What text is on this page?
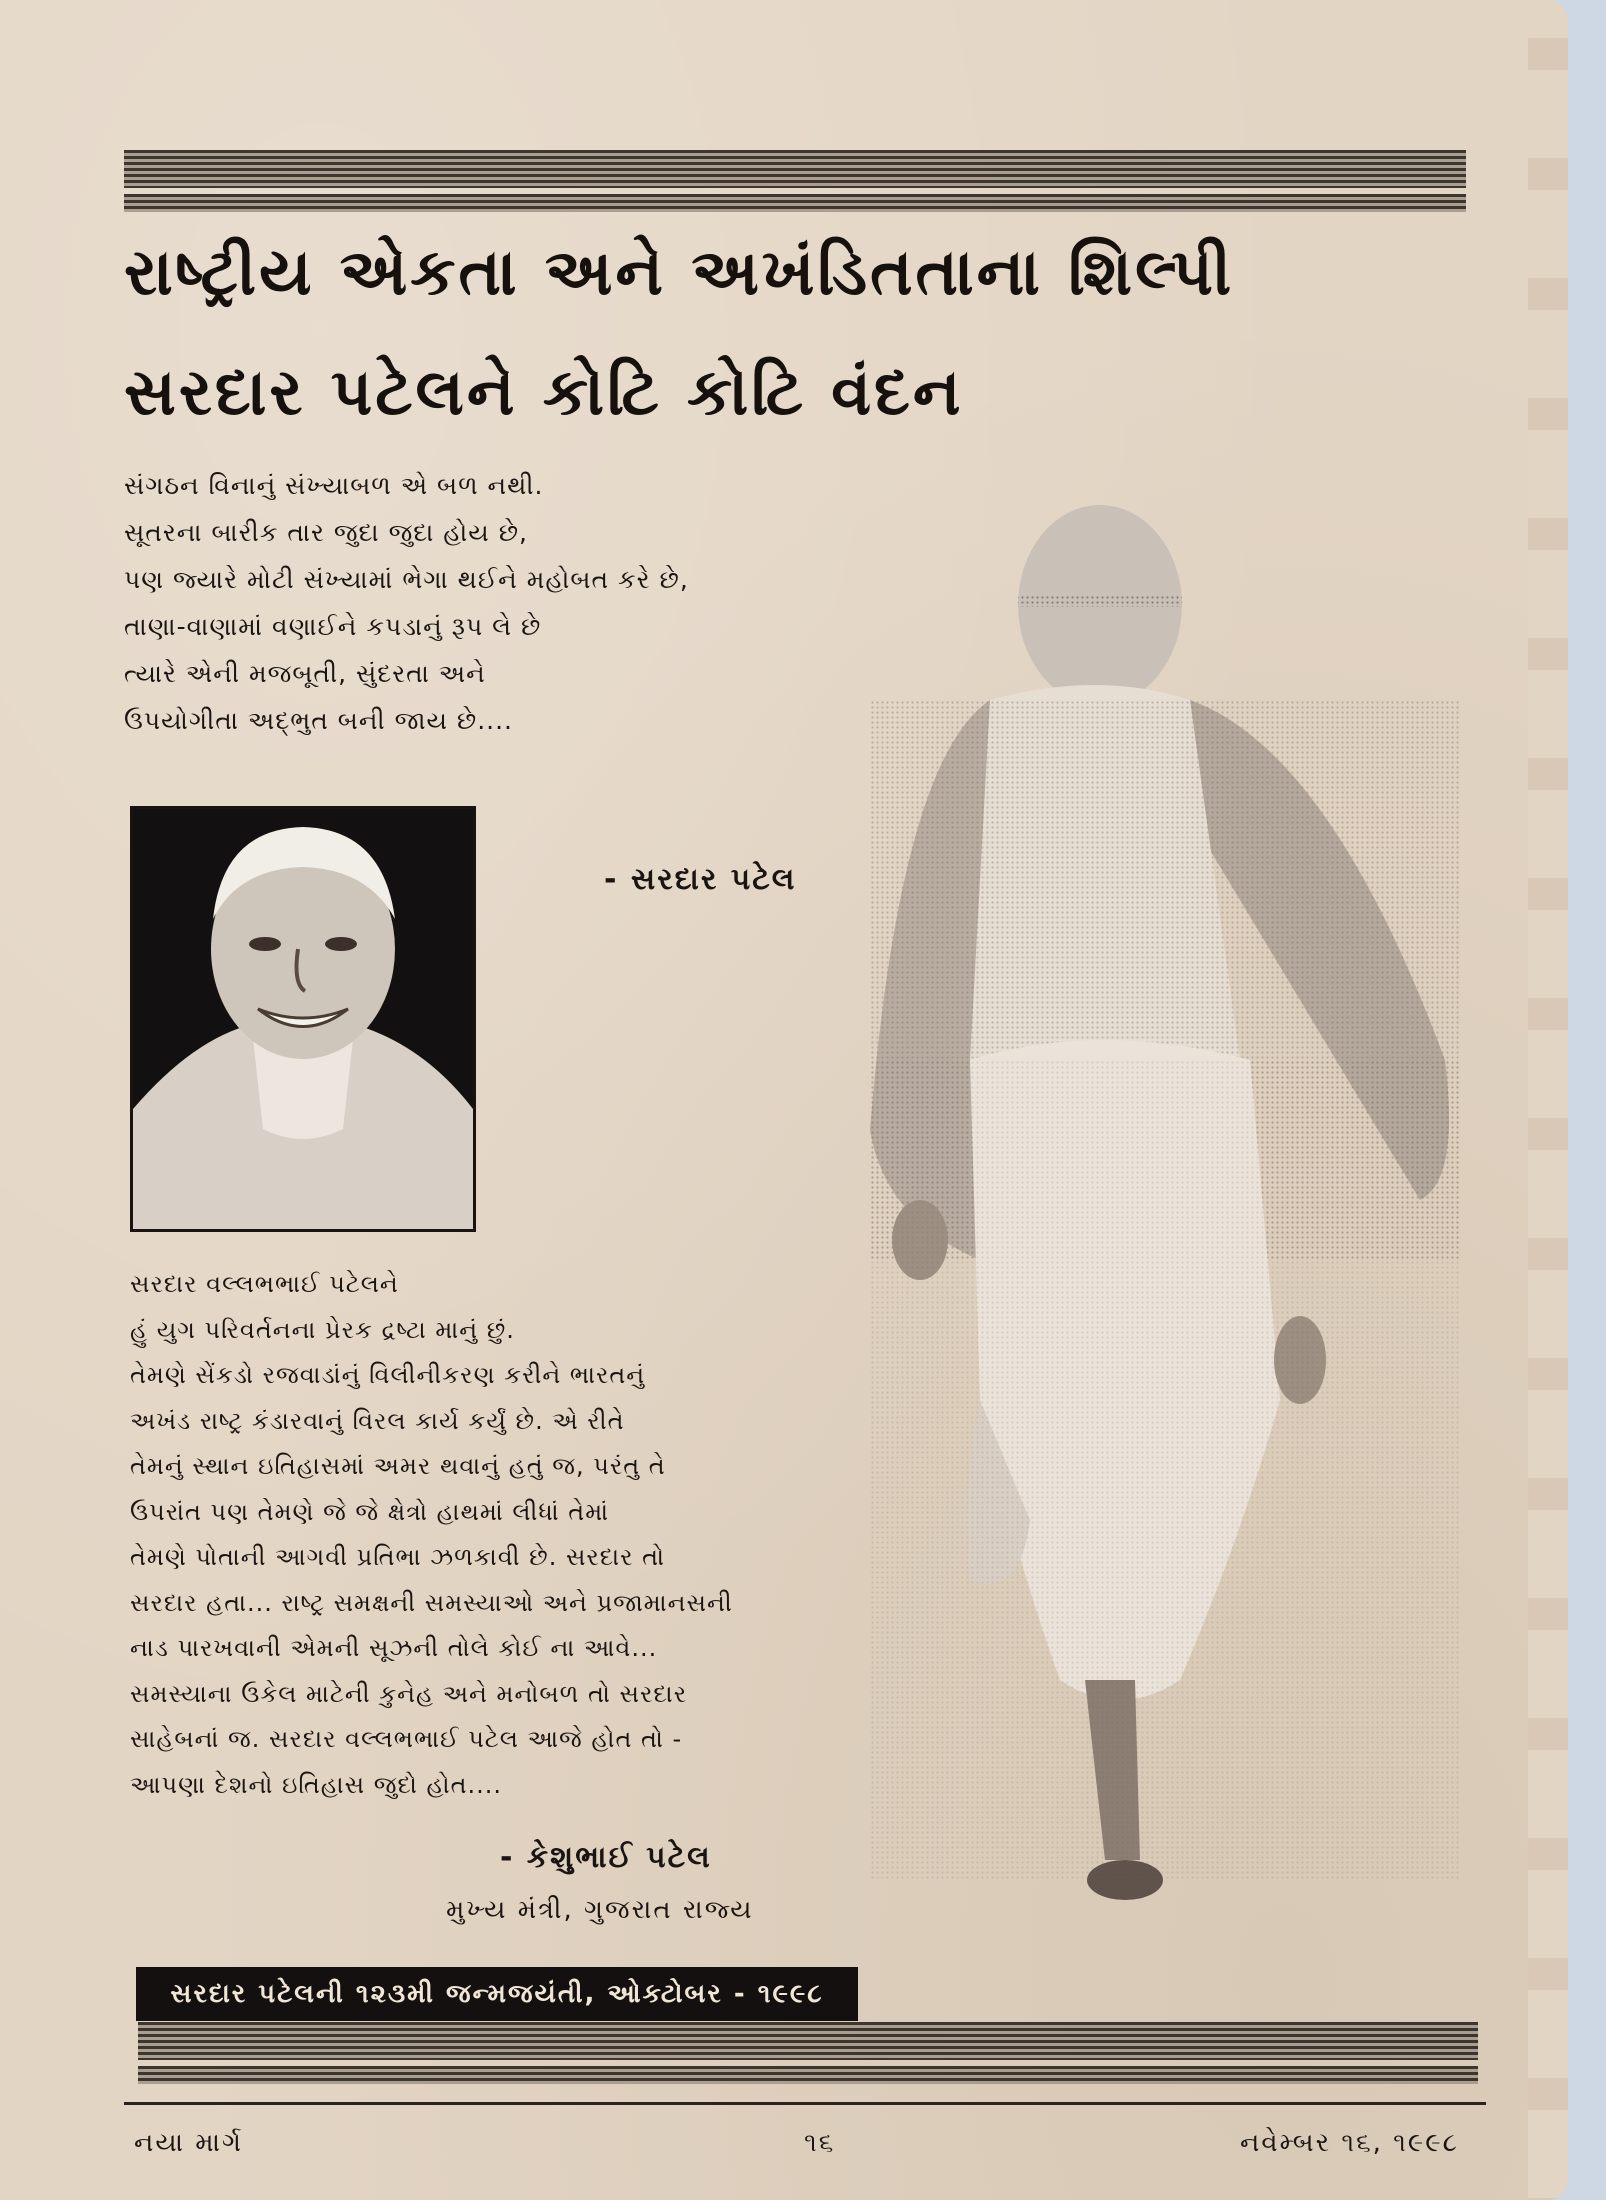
રાષ્ટ્રીય એકતા અને અખંડિતતાના શિલ્પી
સરદાર પટેલને કોટિ કોટિ વંદન
સંગઠન વિનાનું સંખ્યાબળ એ બળ નથી.
સૂતરના બારીક તાર જુદા જુદા હોય છે,
પણ જ્યારે મોટી સંખ્યામાં ભેગા થઈને મહોબત કરે છે,
તાણા-વાણામાં વણાઈને કપડાનું રૂપ લે છે
ત્યારે એની મજબૂતી, સુંદરતા અને
ઉપયોગીતા અદ્ભુત બની જાય છે....
- સરદાર પટેલ
સરદાર વલ્લભભાઈ પટેલને
હું યુગ પરિવર્તનના પ્રેરક દ્રષ્ટા માનું છું.
તેમણે સેંકડો રજવાડાંનું વિલીનીકરણ કરીને ભારતનું
અખંડ રાષ્ટ્ર કંડારવાનું વિરલ કાર્ય કર્યું છે. એ રીતે
તેમનું સ્થાન ઇતિહાસમાં અમર થવાનું હતું જ, પરંતુ તે
ઉપરાંત પણ તેમણે જે જે ક્ષેત્રો હાથમાં લીધાં તેમાં
તેમણે પોતાની આગવી પ્રતિભા ઝળકાવી છે. સરદાર તો
સરદાર હતા... રાષ્ટ્ર સમક્ષની સમસ્યાઓ અને પ્રજામાનસની
નાડ પારખવાની એમની સૂઝની તોલે કોઈ ના આવે...
સમસ્યાના ઉકેલ માટેની કુનેહ અને મનોબળ તો સરદાર
સાહેબનાં જ. સરદાર વલ્લભભાઈ પટેલ આજે હોત તો -
આપણા દેશનો ઇતિહાસ જુદો હોત....
- કેશુભાઈ પટેલ
મુખ્ય મંત્રી, ગુજરાત રાજ્ય
સરદાર પટેલની ૧૨૩મી જન્મજયંતી, ઓક્ટોબર - ૧૯૯૮
નયા માર્ગ	૧૬	નવેમ્બર ૧૬, ૧૯૯૮
